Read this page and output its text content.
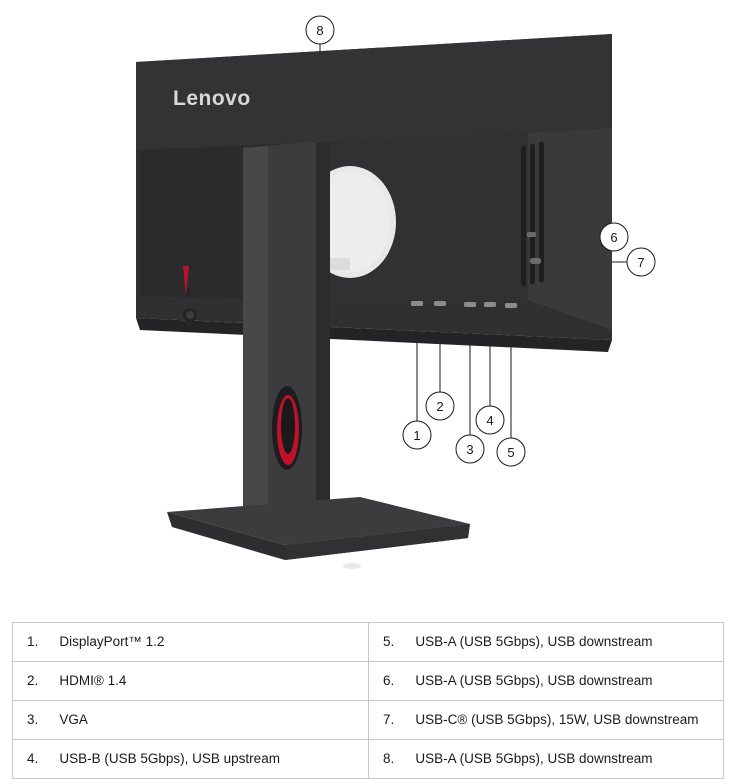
Lenovo
8
6
7
2
4
1
3	5
1.	DisplayPort™ 1.2	5.	USB-A (USB 5Gbps), USB downstream
2.	HDMI® 1.4	6.	USB-A (USB 5Gbps), USB downstream
3.	VGA	7.	USB-C® (USB 5Gbps), 15W, USB downstream
4.	USB-B (USB 5Gbps), USB upstream	8.	USB-A (USB 5Gbps), USB downstream
